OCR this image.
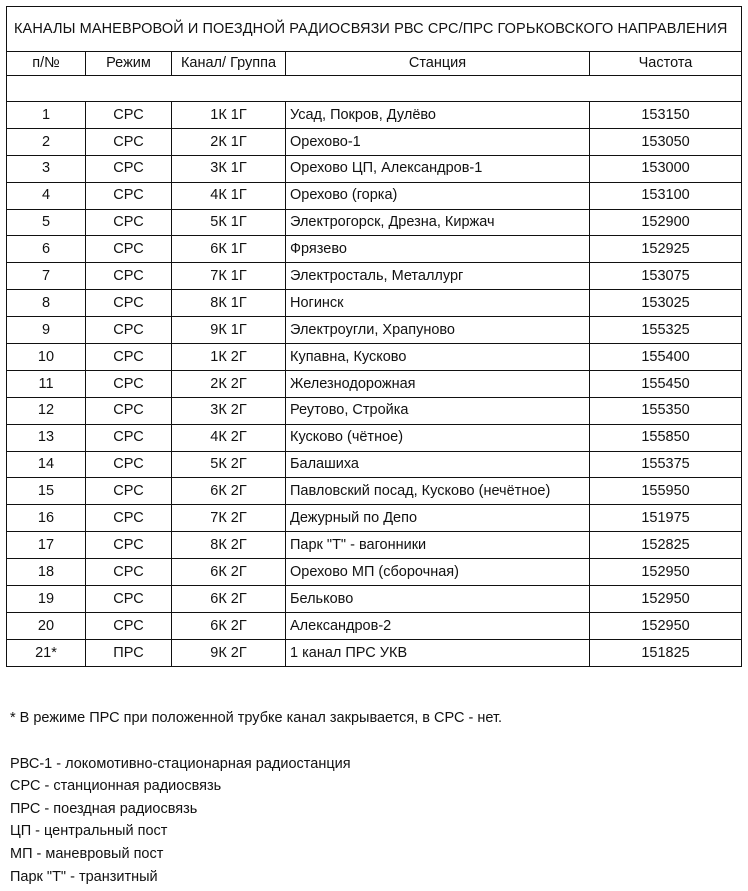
КАНАЛЫ МАНЕВРОВОЙ И ПОЕЗДНОЙ РАДИОСВЯЗИ РВС СРС/ПРС ГОРЬКОВСКОГО НАПРАВЛЕНИЯ				
п/№	Режим	Канал/ Группа	Станция	Частота

1	СРС	1К 1Г	Усад, Покров, Дулёво	153150
2	СРС	2К 1Г	Орехово-1	153050
3	СРС	3К 1Г	Орехово ЦП, Александров-1	153000
4	СРС	4К 1Г	Орехово (горка)	153100
5	СРС	5К 1Г	Электрогорск, Дрезна, Киржач	152900
6	СРС	6К 1Г	Фрязево	152925
7	СРС	7К 1Г	Электросталь, Металлург	153075
8	СРС	8К 1Г	Ногинск	153025
9	СРС	9К 1Г	Электроугли, Храпуново	155325
10	СРС	1К 2Г	Купавна, Кусково	155400
11	СРС	2К 2Г	Железнодорожная	155450
12	СРС	3К 2Г	Реутово, Стройка	155350
13	СРС	4К 2Г	Кусково (чётное)	155850
14	СРС	5К 2Г	Балашиха	155375
15	СРС	6К 2Г	Павловский посад, Кусково (нечётное)	155950
16	СРС	7К 2Г	Дежурный по Депо	151975
17	СРС	8К 2Г	Парк "Т" - вагонники	152825
18	СРС	6К 2Г	Орехово МП (сборочная)	152950
19	СРС	6К 2Г	Бельково	152950
20	СРС	6К 2Г	Александров-2	152950
21*	ПРС	9К 2Г	1 канал ПРС УКВ	151825
* В режиме ПРС при положенной трубке канал закрывается, в СРС - нет.
РВС-1 - локомотивно-стационарная радиостанция
СРС - станционная радиосвязь
ПРС - поездная радиосвязь
ЦП - центральный пост
МП - маневровый пост
Парк "Т" - транзитный
